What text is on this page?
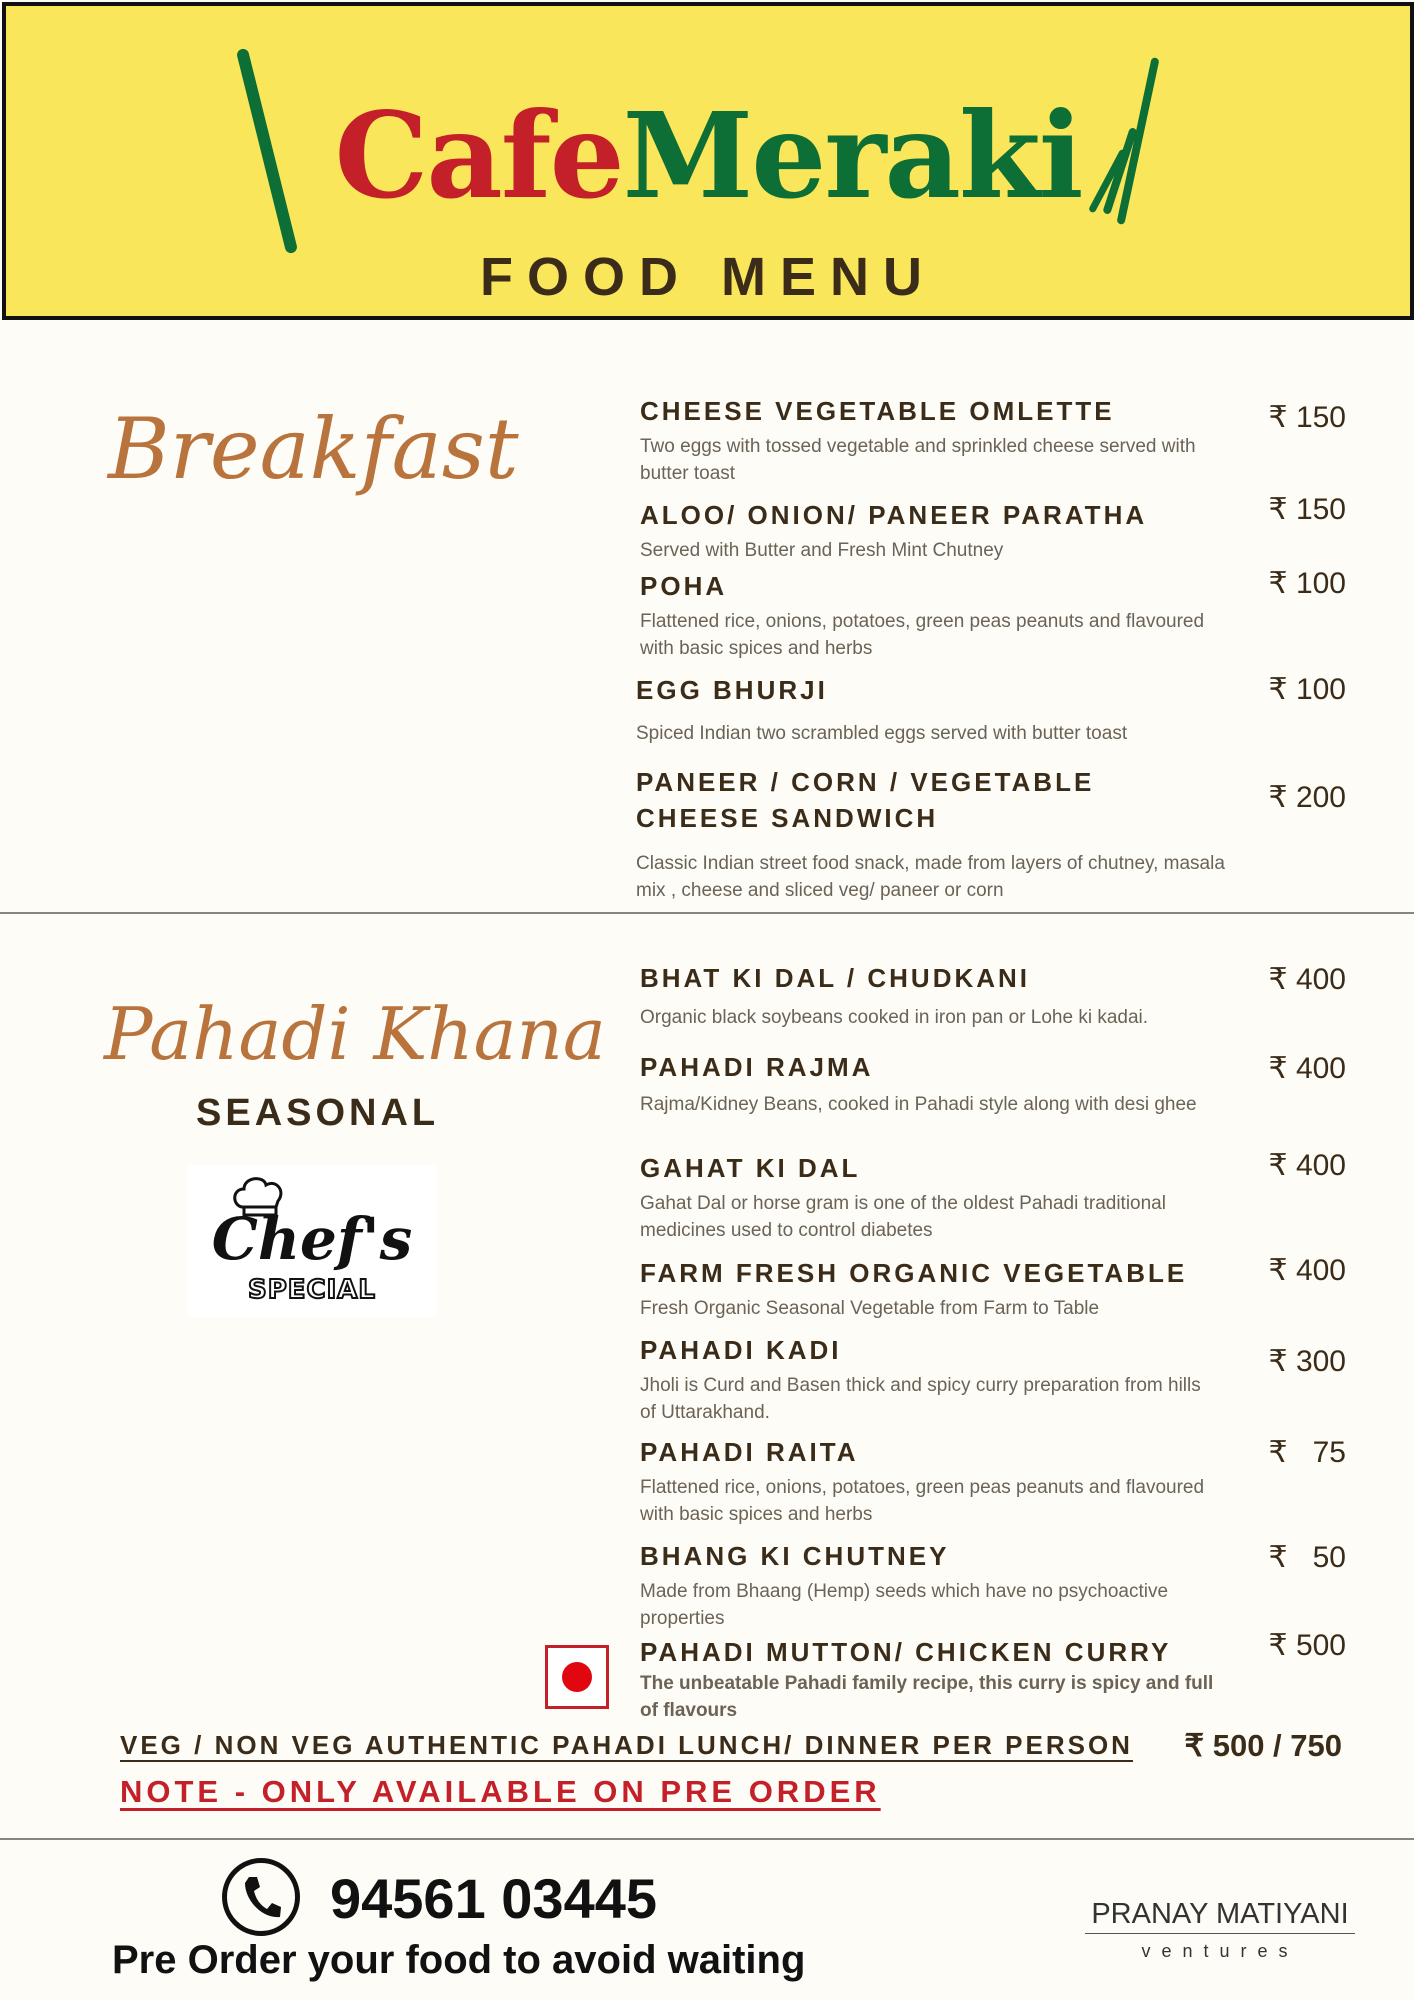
CafeMeraki
FOOD MENU
Breakfast	CHEESE VEGETABLE OMLETTE
Two eggs with tossed vegetable and sprinkled cheese served with butter toast
₹ 150
ALOO/ ONION/ PANEER PARATHA
Served with Butter and Fresh Mint Chutney
₹ 150
POHA
Flattened rice, onions, potatoes, green peas peanuts and flavoured with basic spices and herbs
₹ 100
EGG BHURJI
Spiced Indian two scrambled eggs served with butter toast
₹ 100
PANEER / CORN / VEGETABLE CHEESE SANDWICH
Classic Indian street food snack, made from layers of chutney, masala mix , cheese and sliced veg/ paneer or corn
₹ 200
Pahadi Khana
SEASONAL
Chef's
SPECIAL
BHAT KI DAL / CHUDKANI
Organic black soybeans cooked in iron pan or Lohe ki kadai.
₹ 400
PAHADI RAJMA
Rajma/Kidney Beans, cooked in Pahadi style along with desi ghee
₹ 400
GAHAT KI DAL
Gahat Dal or horse gram is one of the oldest Pahadi traditional medicines used to control diabetes
₹ 400
FARM FRESH ORGANIC VEGETABLE
Fresh Organic Seasonal Vegetable from Farm to Table
₹ 400
PAHADI KADI
Jholi is Curd and Basen thick and spicy curry preparation from hills of Uttarakhand.
₹ 300
PAHADI RAITA
Flattened rice, onions, potatoes, green peas peanuts and flavoured with basic spices and herbs
₹   75
BHANG KI CHUTNEY
Made from Bhaang (Hemp) seeds which have no psychoactive properties
₹   50
PAHADI MUTTON/ CHICKEN CURRY
The unbeatable Pahadi family recipe, this curry is spicy and full of flavours
₹ 500
VEG / NON VEG AUTHENTIC PAHADI LUNCH/ DINNER PER PERSON ₹ 500 / 750
NOTE - ONLY AVAILABLE ON PRE ORDER
94561 03445
Pre Order your food to avoid waiting
PRANAY MATIYANI
ventures
